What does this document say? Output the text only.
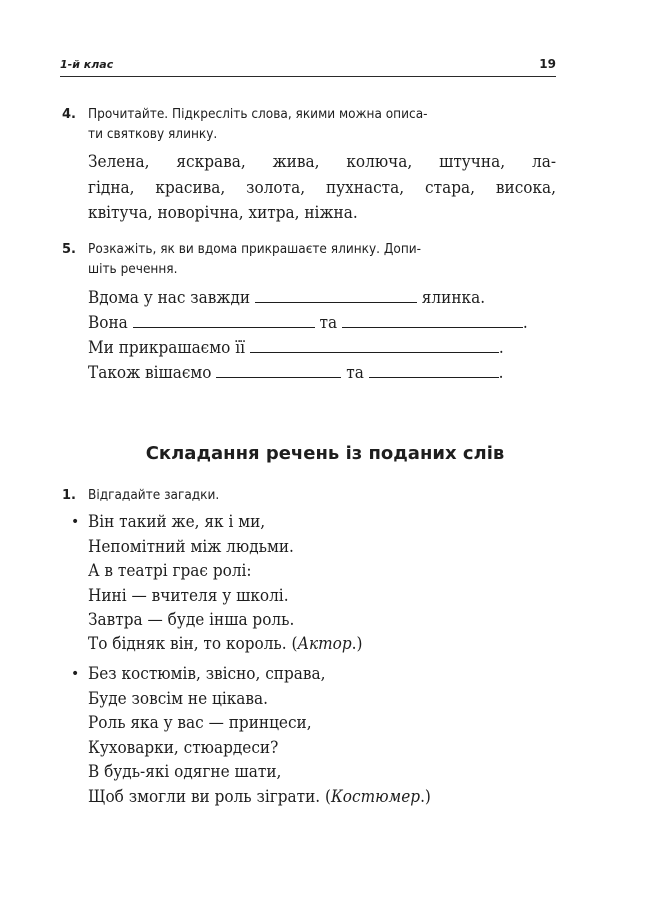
1-й клас	19
4. Прочитайте. Підкресліть слова, якими можна описа-
ти святкову ялинку.
Зелена, яскрава, жива, колюча, штучна, ла-
гідна, красива, золота, пухнаста, стара, висока,
квітуча, новорічна, хитра, ніжна.
5. Розкажіть, як ви вдома прикрашаєте ялинку. Допи-
шіть речення.
Вдома у нас завжди	ялинка.
Вона	та	.
Ми прикрашаємо її	.
Також вішаємо	та	.
Складання речень із поданих слів
1. Відгадайте загадки.
• Він такий же, як і ми,
Непомітний між людьми.
А в театрі грає ролі:
Нині — вчителя у школі.
Завтра — буде інша роль.
То бідняк він, то король. (Актор.)
• Без костюмів, звісно, справа,
Буде зовсім не цікава.
Роль яка у вас — принцеси,
Куховарки, стюардеси?
В будь-які одягне шати,
Щоб змогли ви роль зіграти. (Костюмер.)
